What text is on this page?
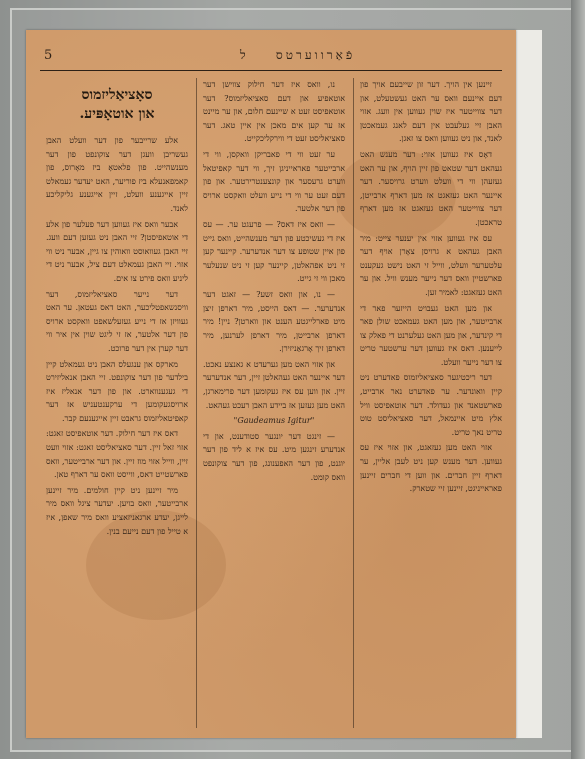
5	פֿאַרווערטס    ל

זיינען אין הויך. דער זון שייבעם אויך פון דעם איינעם וואס ער האט געשטעלט, און דער צווייטער איז שוין געווען אין וועג. אזוי האבן זיי געלעבט אין דעם לאנג געמאכטן לאנד, און ניט געווען וואס צו זאגן.

דאָס איז געווען אזוי: דער מענש האט געהאט דער שטאט פון זיין הויף, און ער האט געזעהן ווי די וועלט ווערט גרויסער. דער איינער האט געזאגט אז מען דארף ארבייטן, דער צווייטער האט געזאגט אז מען דארף טראכטן.

עס איז געווען אזוי אין יענער צייט: מיר האבן געהאט א גרויסן צאָרן אויף דער עלטערער וועלט, ווייל זי האט נישט געקענט פארשטיין וואס דער נייער מענש וויל. און ער האט געזאגט: לאמיר זען.

און מען האט געבויט הייזער פאר די ארבייטער, און מען האט געמאכט שולן פאר די קינדער, און מען האט געלערנט די פאלק צו לייענען. דאס איז געווען דער ערשטער טריט צו דער נייער וועלט.

דער ריכטיגער סאציאליזמוס פאדערט ניט קיין וואונדער. ער פאדערט נאר ארבייט, פארשטאנד און געדולד. דער אוטאפיסט וויל אלץ מיט איינמאל, דער סאציאליסט טוט טריט נאך טריט.

אזוי האט מען געזאגט, און אזוי איז עס געווען. דער מענש קען ניט לעבן אליין, ער דארף זיין חברים. און ווען די חברים זיינען פאראייניגט, זיינען זיי שטארק.

נו, וואס איז דער חילוק צווישן דער אוטאפיע און דעם סאציאליזמוס? דער אוטאפיסט זעט א שיינעם חלום, און ער מיינט אז ער קען אים מאכן אין איין טאג. דער סאציאליסט זעט די ווירקליכקייט.

ער זעט ווי די פאבריקן וואקסן, ווי די ארבייטער פאראייניגן זיך, ווי דער קאפיטאל ווערט גרעסער און קונצענטרירטער. און פון דעם זעט ער ווי די נייע וועלט וואקסט ארויס פון דער אלטער.

— וואס איז דאס? — פרעגט ער. — עס איז די געשיכטע פון דער מענשהייט, וואס גייט פון איין שטופע צו דער אנדערער. קיינער קען זי ניט אפהאלטן, קיינער קען זי ניט שנעלער מאכן ווי זי גייט.

— נו, און וואס זשע? — זאגט דער אנדערער. — דאס הייסט, מיר דארפן זיצן מיט פארלייגטע הענט און ווארטן? ניין! מיר דארפן ארבייטן, מיר דארפן לערנען, מיר דארפן זיך אָרגאַניזירן.

און אזוי האט מען גערעדט א גאנצע נאכט. דער איינער האט געהאלטן זיין, דער אנדערער זיין. און ווען עס איז געקומען דער פרימארגן, האט מען געזען אז ביידע האבן רעכט געהאט.

"Gaudeamus Igitur"

— זינגט דער יונגער סטודענט, און די אנדערע זינגען מיט. עס איז א ליד פון דער יוגנט, פון דער האפענונג, פון דער צוקונפט וואס קומט.

סאָציאַליזמוס
און אוטאָפּיע.

אלע שרייבער פון דער וועלט האבן געשריבן וועגן דער צוקונפט פון דער מענשהייט. פון פלאטאָ ביז מאָרוס, פון קאמפאנעלא ביז פוריער, האט יעדער געמאלט זיין אייגענע וועלט, זיין אייגענע גליקליכע לאנד.

אבער וואס איז געווען דער פעלער פון אלע די אוטאפיסטן? זיי האבן ניט געזען דעם וועג. זיי האבן געוואוסט וואוהין צו גיין, אבער ניט ווי אזוי. זיי האבן געמאלט דעם ציל, אבער ניט די ליניע וואס פירט צו אים.

דער נייער סאציאליזמוס, דער וויסנשאפטליכער, האט דאס געטאן. ער האט געוויזן אז די נייע געזעלשאפט וואקסט ארויס פון דער אלטער, אז זי ליגט שוין אין איר ווי דער קערן אין דער פרוכט.

מארקס און ענגעלס האבן ניט געמאלט קיין בילדער פון דער צוקונפט. זיי האבן אנאליזירט די געגענווארט. און פון דער אנאליז איז ארויסגעקומען די ערקענטעניש אז דער קאפיטאליזמוס גראבט זיין אייגענעם קבר.

דאס איז דער חילוק. דער אוטאפיסט זאגט: אזוי זאל זיין. דער סאציאליסט זאגט: אזוי וועט זיין, ווייל אזוי מוז זיין. און דער ארבייטער, וואס פארשטייט דאס, ווייסט וואס ער דארף טאן.

מיר זיינען ניט קיין חולמים. מיר זיינען ארבייטער, וואס בויען. יעדער ציגל וואס מיר לייגן, יעדע ארגאניזאציע וואס מיר שאפן, איז א טייל פון דעם נייעם בנין.
